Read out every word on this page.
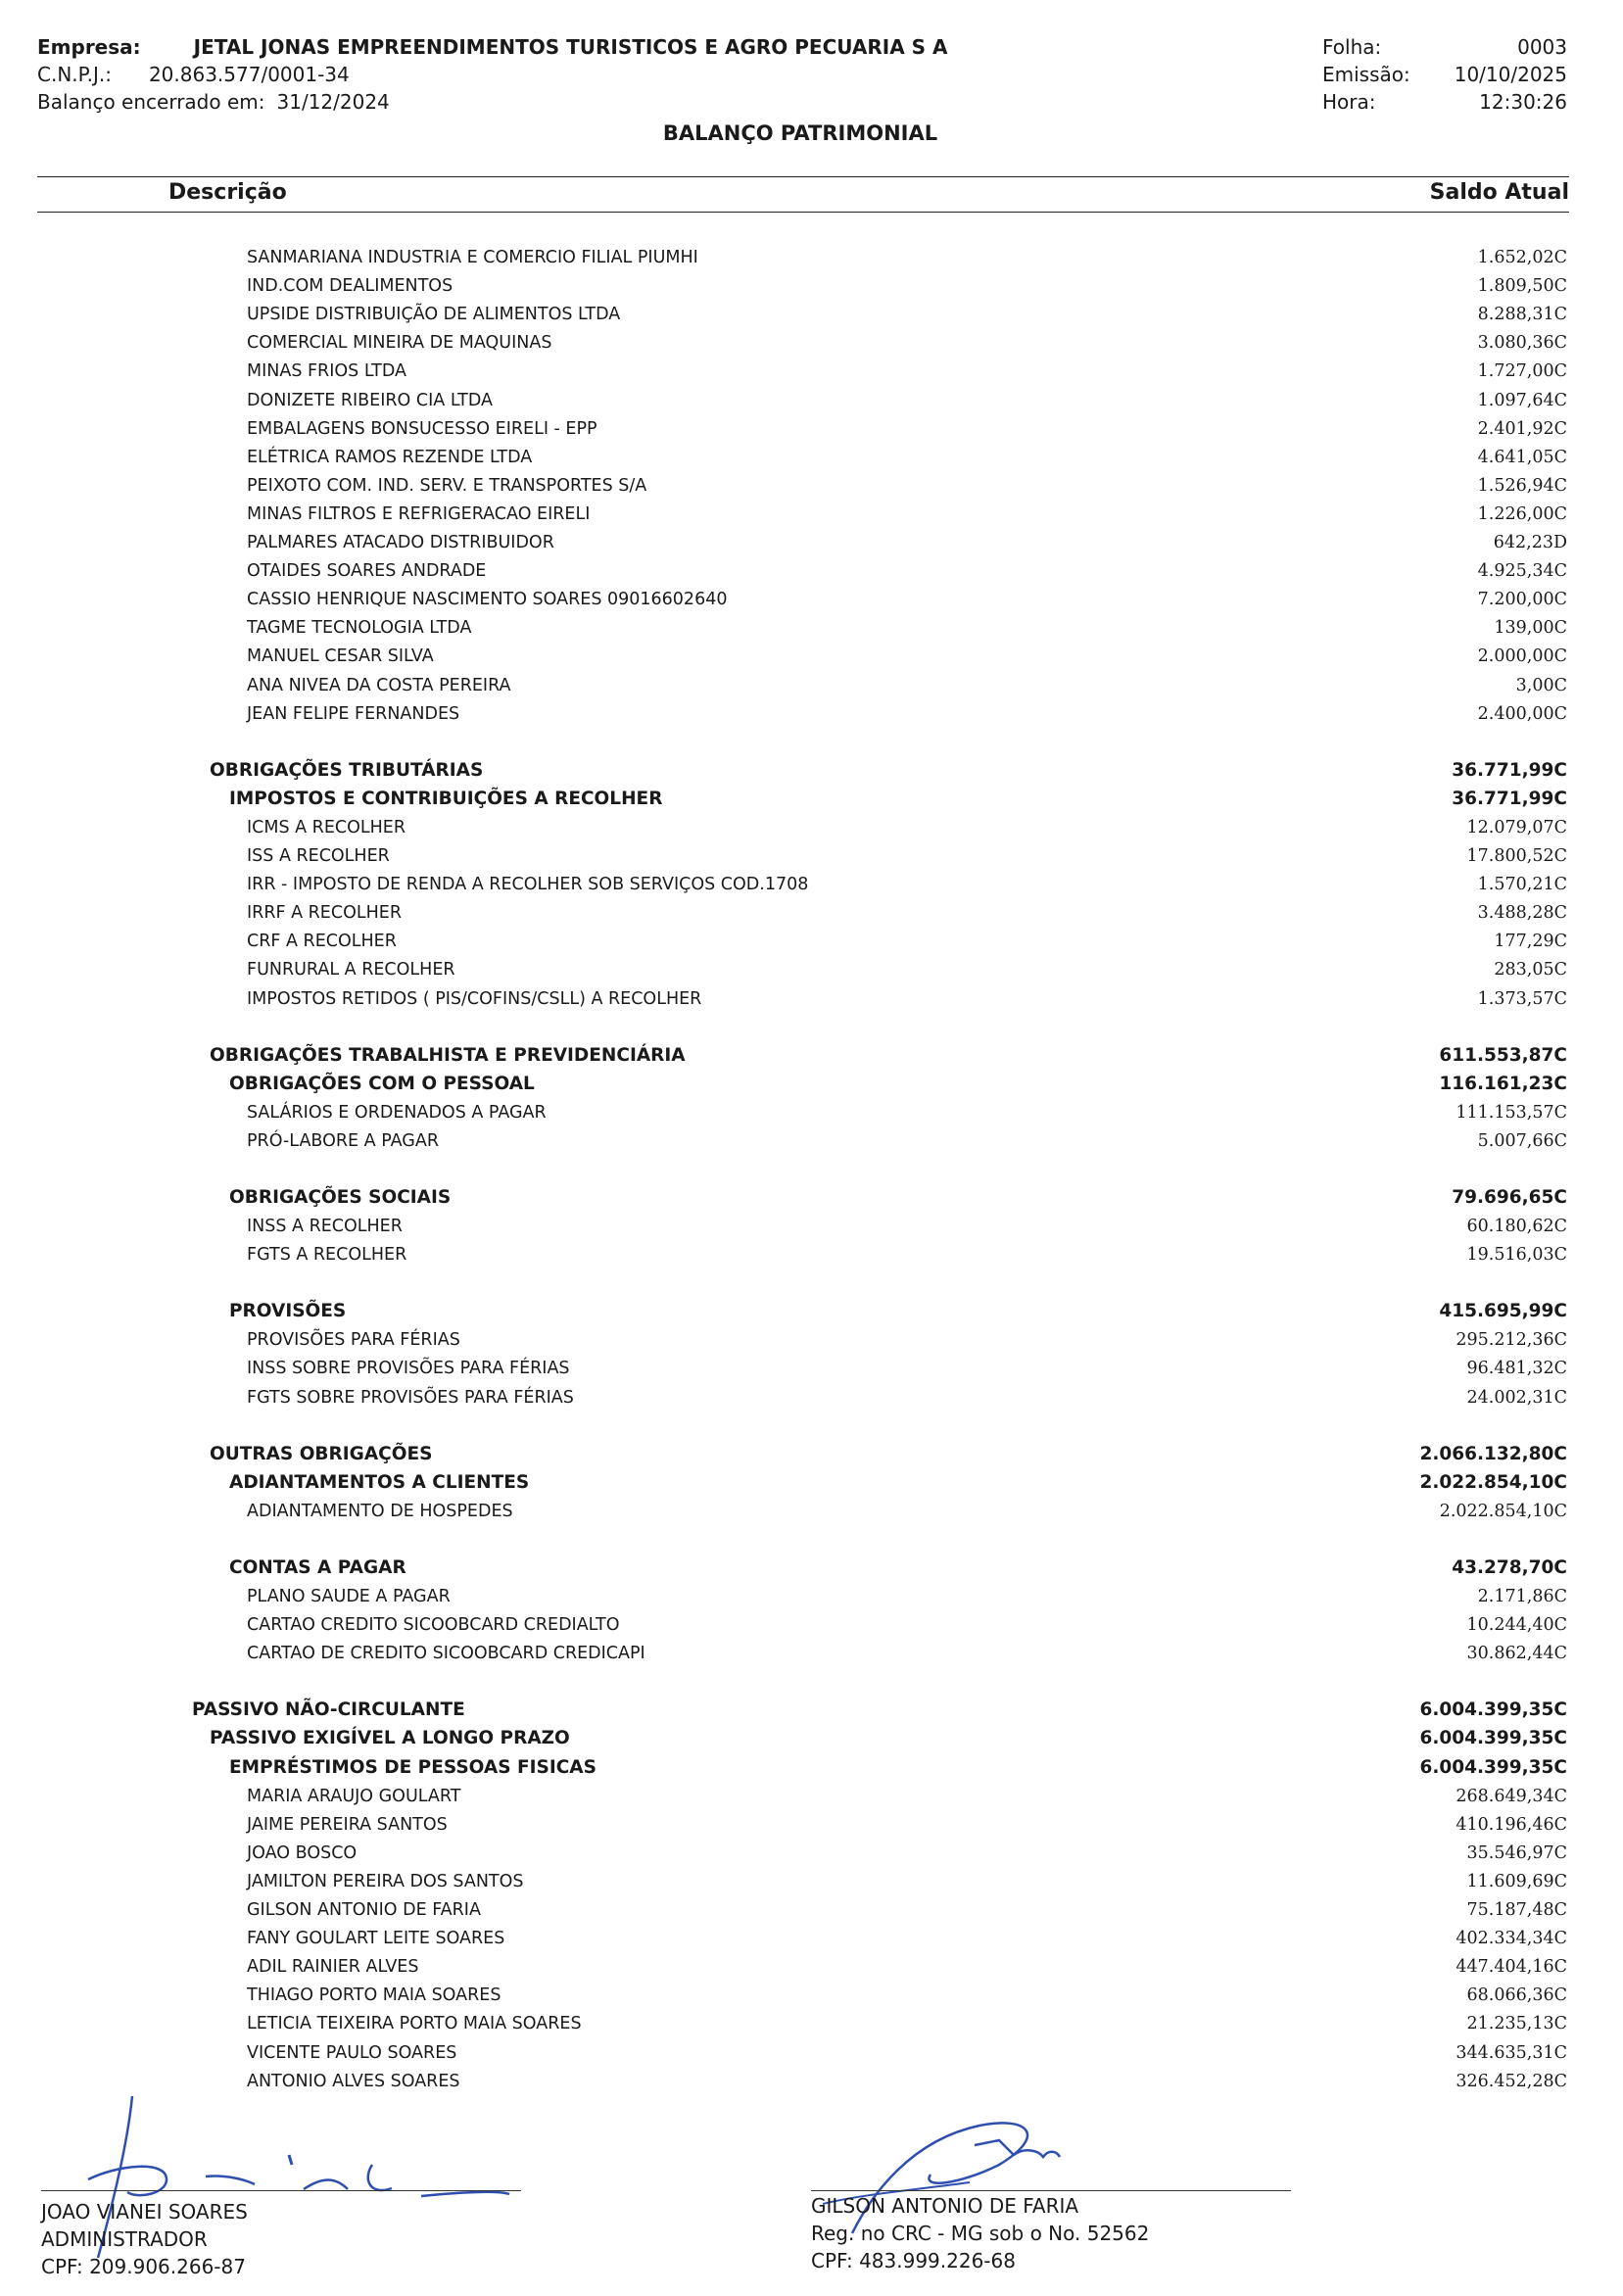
Empresa:	JETAL JONAS EMPREENDIMENTOS TURISTICOS E AGRO PECUARIA S A
C.N.P.J.: 20.863.577/0001-34
Balanço encerrado em: 31/12/2024
Folha:	0003
Emissão: 10/10/2025
Hora:	12:30:26
BALANÇO PATRIMONIAL
Descrição	Saldo Atual
SANMARIANA INDUSTRIA E COMERCIO FILIAL PIUMHI	1.652,02C
IND.COM DEALIMENTOS	1.809,50C
UPSIDE DISTRIBUIÇÃO DE ALIMENTOS LTDA	8.288,31C
COMERCIAL MINEIRA DE MAQUINAS	3.080,36C
MINAS FRIOS LTDA	1.727,00C
DONIZETE RIBEIRO CIA LTDA	1.097,64C
EMBALAGENS BONSUCESSO EIRELI - EPP	2.401,92C
ELÉTRICA RAMOS REZENDE LTDA	4.641,05C
PEIXOTO COM. IND. SERV. E TRANSPORTES S/A	1.526,94C
MINAS FILTROS E REFRIGERACAO EIRELI	1.226,00C
PALMARES ATACADO DISTRIBUIDOR	642,23D
OTAIDES SOARES ANDRADE	4.925,34C
CASSIO HENRIQUE NASCIMENTO SOARES 09016602640	7.200,00C
TAGME TECNOLOGIA LTDA	139,00C
MANUEL CESAR SILVA	2.000,00C
ANA NIVEA DA COSTA PEREIRA	3,00C
JEAN FELIPE FERNANDES	2.400,00C
OBRIGAÇÕES TRIBUTÁRIAS	36.771,99C
IMPOSTOS E CONTRIBUIÇÕES A RECOLHER	36.771,99C
ICMS A RECOLHER	12.079,07C
ISS A RECOLHER	17.800,52C
IRR - IMPOSTO DE RENDA A RECOLHER SOB SERVIÇOS COD.1708	1.570,21C
IRRF A RECOLHER	3.488,28C
CRF A RECOLHER	177,29C
FUNRURAL A RECOLHER	283,05C
IMPOSTOS RETIDOS ( PIS/COFINS/CSLL) A RECOLHER	1.373,57C
OBRIGAÇÕES TRABALHISTA E PREVIDENCIÁRIA	611.553,87C
OBRIGAÇÕES COM O PESSOAL	116.161,23C
SALÁRIOS E ORDENADOS A PAGAR	111.153,57C
PRÓ-LABORE A PAGAR	5.007,66C
OBRIGAÇÕES SOCIAIS	79.696,65C
INSS A RECOLHER	60.180,62C
FGTS A RECOLHER	19.516,03C
PROVISÕES	415.695,99C
PROVISÕES PARA FÉRIAS	295.212,36C
INSS SOBRE PROVISÕES PARA FÉRIAS	96.481,32C
FGTS SOBRE PROVISÕES PARA FÉRIAS	24.002,31C
OUTRAS OBRIGAÇÕES	2.066.132,80C
ADIANTAMENTOS A CLIENTES	2.022.854,10C
ADIANTAMENTO DE HOSPEDES	2.022.854,10C
CONTAS A PAGAR	43.278,70C
PLANO SAUDE A PAGAR	2.171,86C
CARTAO CREDITO SICOOBCARD CREDIALTO	10.244,40C
CARTAO DE CREDITO SICOOBCARD CREDICAPI	30.862,44C
PASSIVO NÃO-CIRCULANTE	6.004.399,35C
PASSIVO EXIGÍVEL A LONGO PRAZO	6.004.399,35C
EMPRÉSTIMOS DE PESSOAS FISICAS	6.004.399,35C
MARIA ARAUJO GOULART	268.649,34C
JAIME PEREIRA SANTOS	410.196,46C
JOAO BOSCO	35.546,97C
JAMILTON PEREIRA DOS SANTOS	11.609,69C
GILSON ANTONIO DE FARIA	75.187,48C
FANY GOULART LEITE SOARES	402.334,34C
ADIL RAINIER ALVES	447.404,16C
THIAGO PORTO MAIA SOARES	68.066,36C
LETICIA TEIXEIRA PORTO MAIA SOARES	21.235,13C
VICENTE PAULO SOARES	344.635,31C
ANTONIO ALVES SOARES	326.452,28C
JOAO VIANEI SOARES
ADMINISTRADOR
CPF: 209.906.266-87
GILSON ANTONIO DE FARIA
Reg. no CRC - MG sob o No. 52562
CPF: 483.999.226-68
